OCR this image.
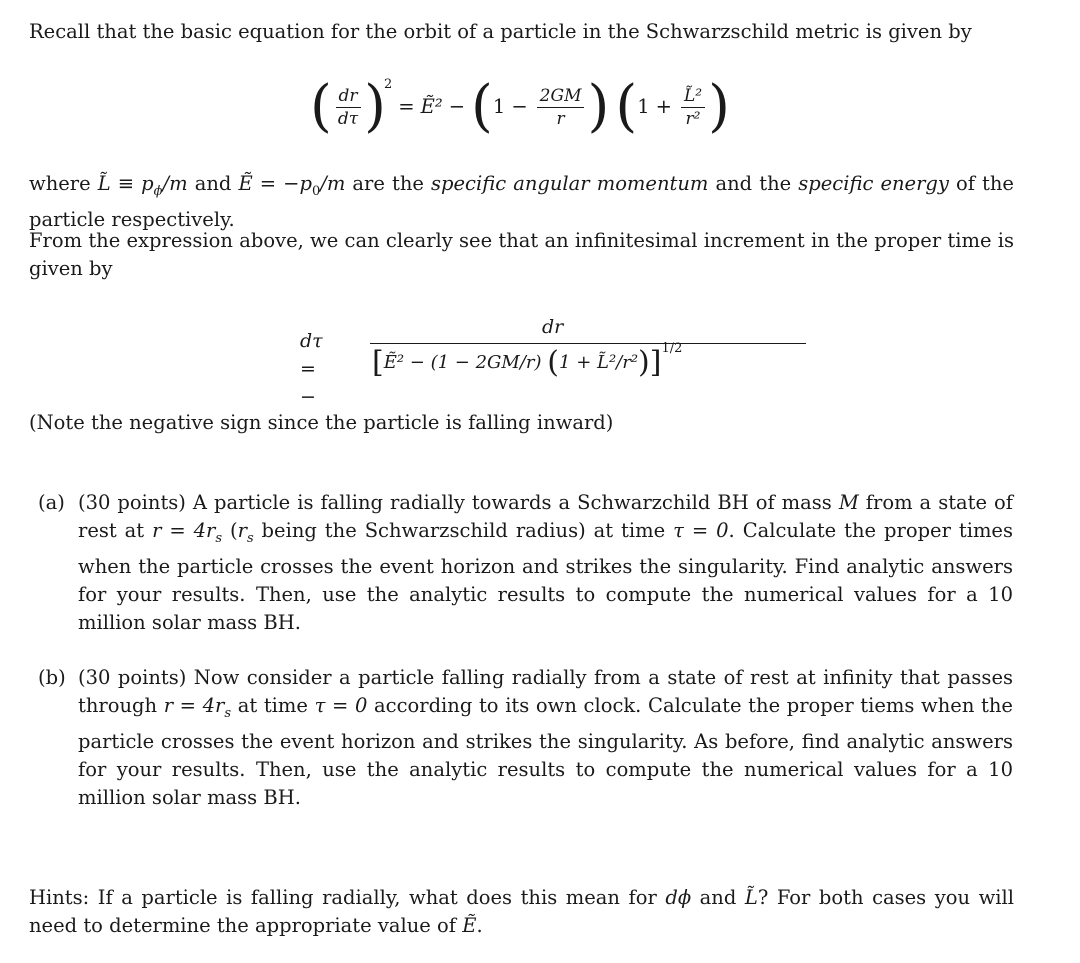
Recall that the basic equation for the orbit of a particle in the Schwarzschild metric is given by

( $\frac{dr}{d\tau}$ )
2
= Ẽ² − ( $1 - \frac{2GM}{r}$ ) ( $1 + \frac{\text{L̃²}}{\text{r²}}$ )

where L̃ ≡ $p_\phi/m$ and Ẽ = $-p_0/m$ are the specific angular momentum and the specific energy of the particle respectively.

From the expression above, we can clearly see that an infinitesimal increment in the proper time is given by

dτ = −
dr
[Ẽ² − (1 − 2GM/r) (1 + L̃²/r²)]$^{1/2}$

(Note the negative sign since the particle is falling inward)

(a) (30 points) A particle is falling radially towards a Schwarzchild BH of mass M from a state of rest at $r = 4r_s$ ($r_s$ being the Schwarzschild radius) at time τ = 0. Calculate the proper times when the particle crosses the event horizon and strikes the singularity. Find analytic answers for your results. Then, use the analytic results to compute the numerical values for a 10 million solar mass BH.
(b) (30 points) Now consider a particle falling radially from a state of rest at infinity that passes through $r = 4r_s$ at time τ = 0 according to its own clock. Calculate the proper tiems when the particle crosses the event horizon and strikes the singularity. As before, find analytic answers for your results. Then, use the analytic results to compute the numerical values for a 10 million solar mass BH.

Hints: If a particle is falling radially, what does this mean for dϕ and L̃? For both cases you will need to determine the appropriate value of Ẽ.
